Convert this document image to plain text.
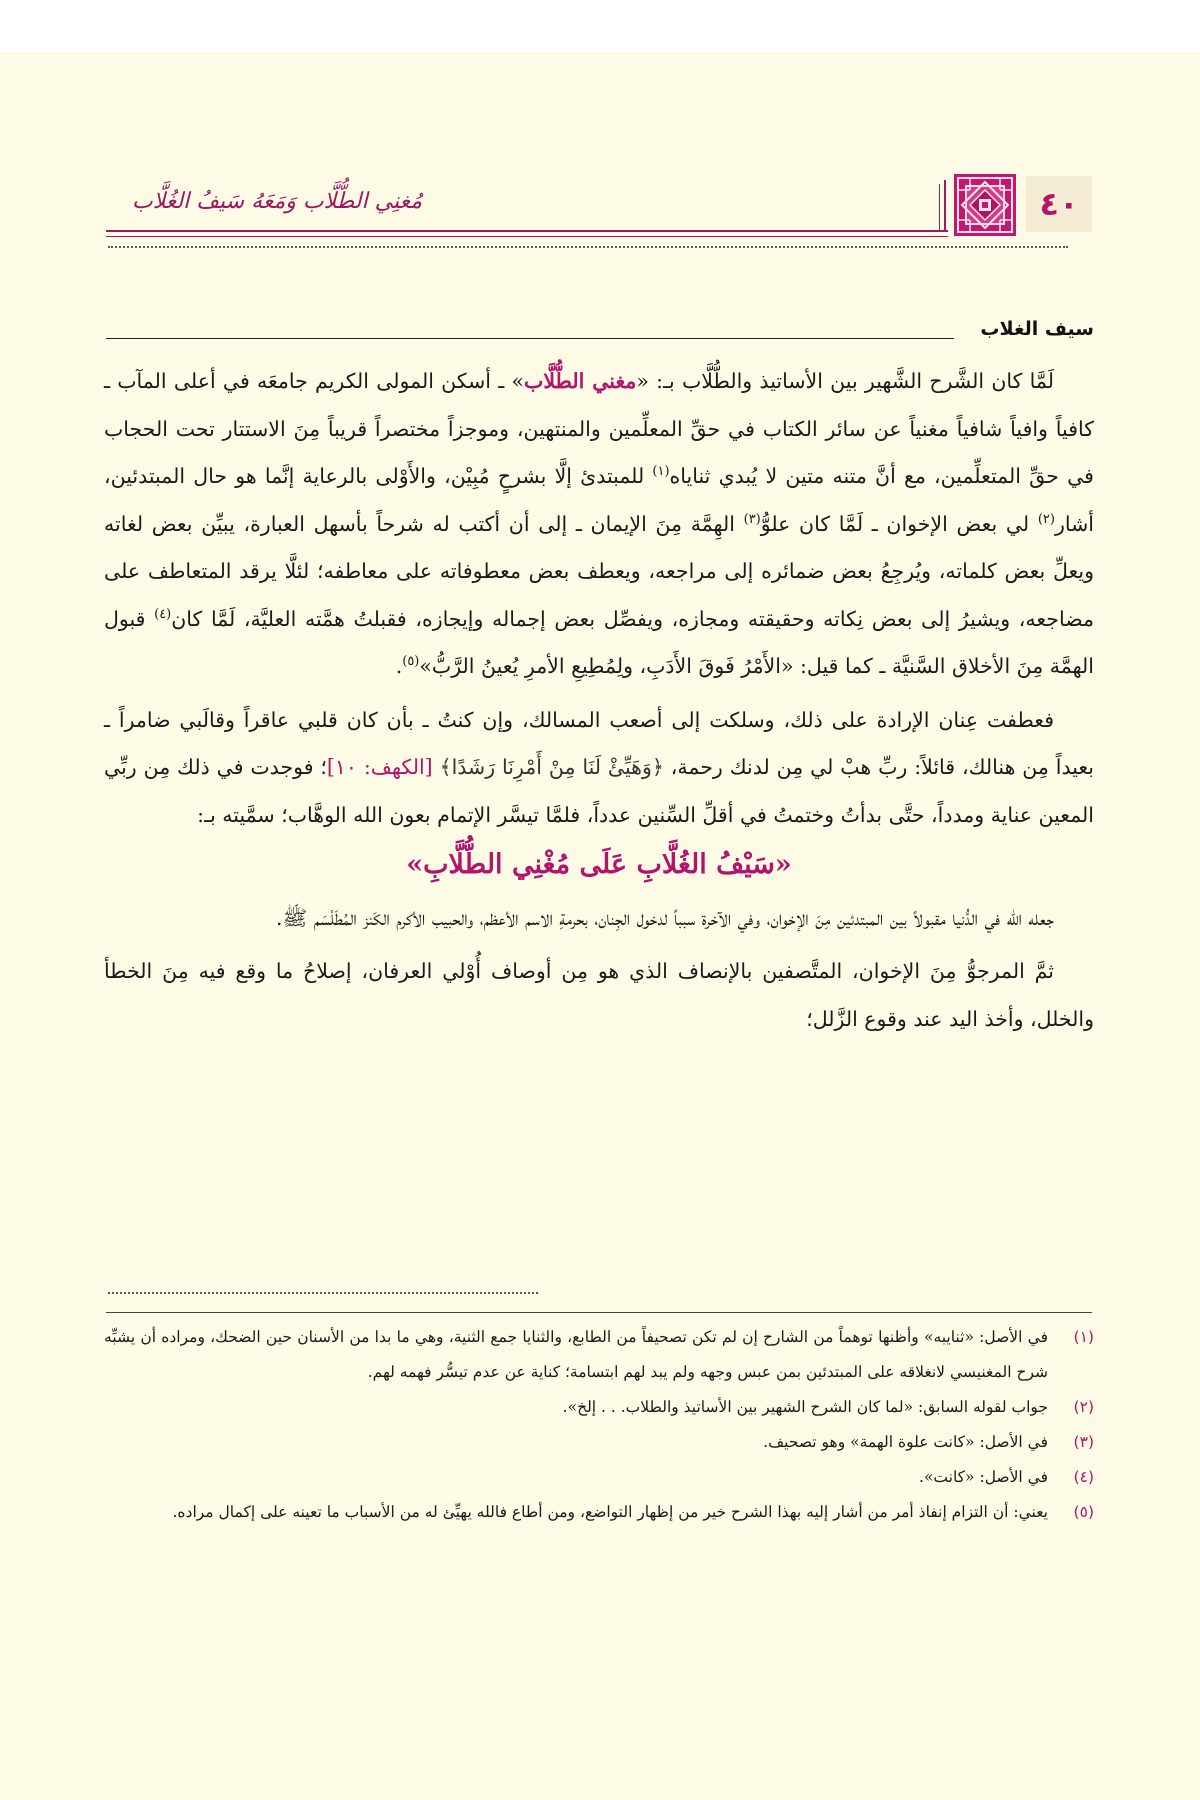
٤٠
مُغنِي الطُّلَّاب وَمَعَهُ سَيفُ الغُلَّاب
سيف الغلاب

لَمَّا كان الشَّرح الشَّهير بين الأساتيذ والطُّلَّاب بـ: «مغني الطُّلَّاب» ـ أسكن المولى الكريم جامعَه في أعلى المآب ـ كافياً وافياً شافياً مغنياً عن سائر الكتاب في حقِّ المعلِّمين والمنتهين، وموجزاً مختصراً قريباً مِنَ الاستتار تحت الحجاب في حقِّ المتعلِّمين، مع أنَّ متنه متين لا يُبدي ثناياه$^{(١)}$ للمبتدئ إلَّا بشرحٍ مُبِيْن، والأَوْلى بالرعاية إنَّما هو حال المبتدئين، أشار$^{(٢)}$ لي بعض الإخوان ـ لَمَّا كان علوُّ$^{(٣)}$ الهِمَّة مِنَ الإيمان ـ إلى أن أكتب له شرحاً بأسهل العبارة، يبيِّن بعض لغاته ويعلِّ بعض كلماته، ويُرجِعُ بعض ضمائره إلى مراجعه، ويعطف بعض معطوفاته على معاطفه؛ لئلَّا يرقد المتعاطف على مضاجعه، ويشيرُ إلى بعض نِكاته وحقيقته ومجازه، ويفصِّل بعض إجماله وإيجازه، فقبلتُ همَّته العليَّة، لَمَّا كان$^{(٤)}$ قبول الهمَّة مِنَ الأخلاق السَّنيَّة ـ كما قيل: «الأَمْرُ فَوقَ الأَدَبِ، ولِمُطِيعِ الأمرِ يُعينُ الرَّبُّ»$^{(٥)}$.

فعطفت عِنان الإرادة على ذلك، وسلكت إلى أصعب المسالك، وإن كنتُ ـ بأن كان قلبي عاقراً وقالَبي ضامراً ـ بعيداً مِن هنالك، قائلاً: ربِّ هبْ لي مِن لدنك رحمة، ﴿وَهَيِّئْ لَنَا مِنْ أَمْرِنَا رَشَدًا﴾ [الكهف: ١٠]؛ فوجدت في ذلك مِن ربِّي المعين عناية ومدداً، حتَّى بدأتُ وختمتُ في أقلِّ السِّنين عدداً، فلمَّا تيسَّر الإتمام بعون الله الوهَّاب؛ سمَّيته بـ:

«سَيْفُ الغُلَّابِ عَلَى مُغْنِي الطُّلَّابِ»

جعله الله في الدُّنيا مقبولاً بين المبتدئين مِنَ الإخوان، وفي الآخرة سبباً لدخول الجِنان، بحرمةِ الاسم الأعظم، والحبيب الأكرم الكَنز المُطَلْسَم ﷺ.

ثمَّ المرجوُّ مِنَ الإخوان، المتَّصفين بالإنصاف الذي هو مِن أوصاف أُوْلي العرفان، إصلاحُ ما وقع فيه مِنَ الخطأ والخلل، وأخذ اليد عند وقوع الزَّلل؛

(١)
في الأصل: «ثنايبه» وأظنها توهماً من الشارح إن لم تكن تصحيفاً من الطابع، والثنايا جمع الثنية، وهي ما بدا من الأسنان حين الضحك، ومراده أن يشبِّه شرح المغنيسي لانغلاقه على المبتدئين بمن عبس وجهه ولم يبد لهم ابتسامة؛ كناية عن عدم تيسُّر فهمه لهم.
(٢)
جواب لقوله السابق: «لما كان الشرح الشهير بين الأساتيذ والطلاب. . . إلخ».
(٣)
في الأصل: «كانت علوة الهمة» وهو تصحيف.
(٤)
في الأصل: «كانت».
(٥)
يعني: أن التزام إنفاذ أمر من أشار إليه بهذا الشرح خير من إظهار التواضع، ومن أطاع فالله يهيِّئ له من الأسباب ما تعينه على إكمال مراده.
